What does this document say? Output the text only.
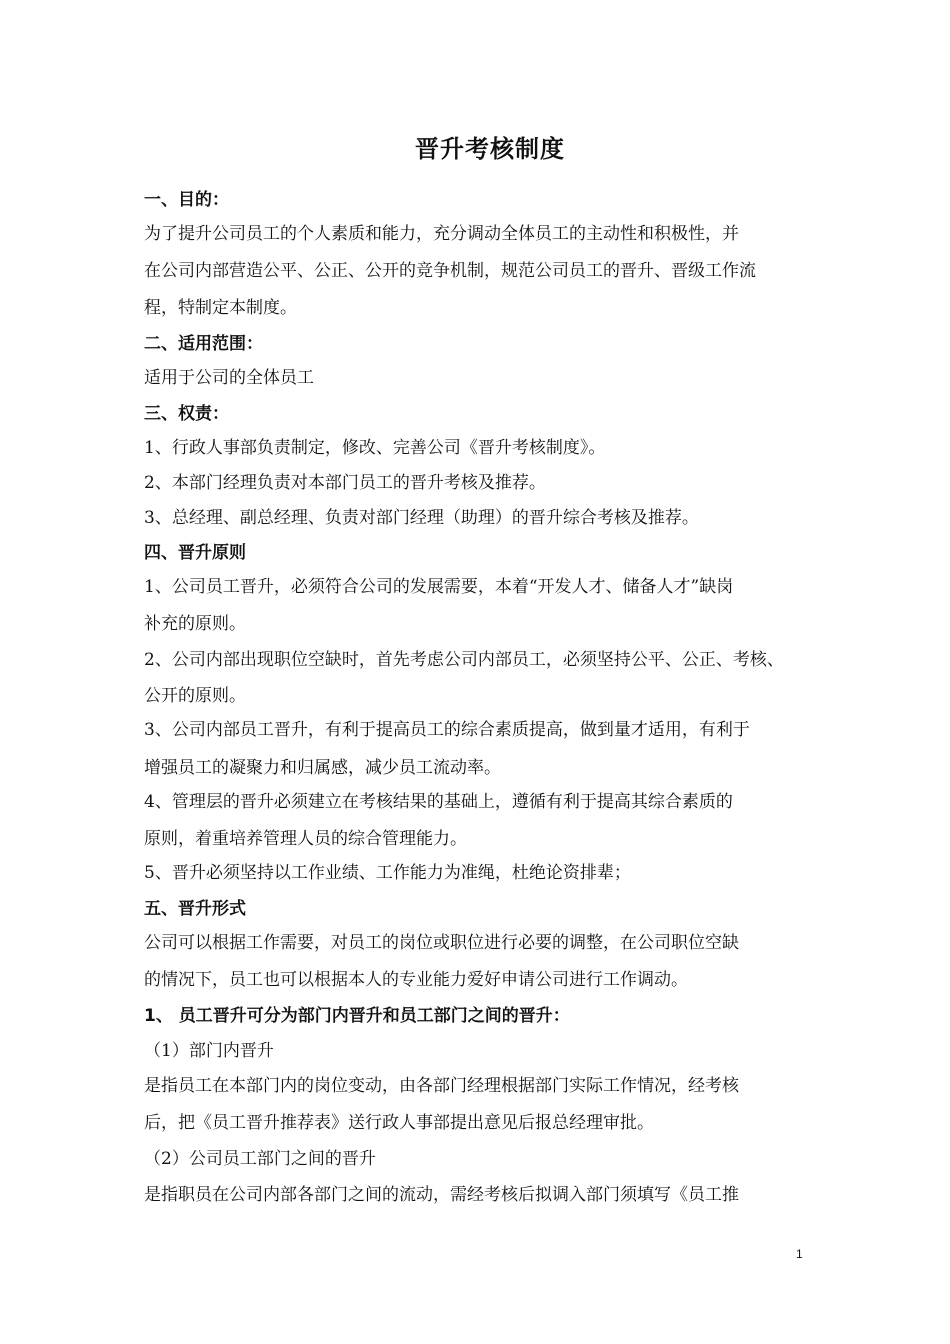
晋升考核制度
一、目的：
为了提升公司员工的个人素质和能力，充分调动全体员工的主动性和积极性，并
在公司内部营造公平、公正、公开的竞争机制，规范公司员工的晋升、晋级工作流
程，特制定本制度。
二、适用范围：
适用于公司的全体员工
三、权责：
1、行政人事部负责制定，修改、完善公司《晋升考核制度》。
2、本部门经理负责对本部门员工的晋升考核及推荐。
3、总经理、副总经理、负责对部门经理（助理）的晋升综合考核及推荐。
四、晋升原则
1、公司员工晋升，必须符合公司的发展需要，本着“开发人才、储备人才”缺岗
补充的原则。
2、公司内部出现职位空缺时，首先考虑公司内部员工，必须坚持公平、公正、考核、
公开的原则。
3、公司内部员工晋升，有利于提高员工的综合素质提高，做到量才适用，有利于
增强员工的凝聚力和归属感，减少员工流动率。
4、管理层的晋升必须建立在考核结果的基础上，遵循有利于提高其综合素质的
原则，着重培养管理人员的综合管理能力。
5、晋升必须坚持以工作业绩、工作能力为准绳，杜绝论资排辈；
五、晋升形式
公司可以根据工作需要，对员工的岗位或职位进行必要的调整，在公司职位空缺
的情况下，员工也可以根据本人的专业能力爱好申请公司进行工作调动。
1、 员工晋升可分为部门内晋升和员工部门之间的晋升：
（1）部门内晋升
是指员工在本部门内的岗位变动，由各部门经理根据部门实际工作情况，经考核
后，把《员工晋升推荐表》送行政人事部提出意见后报总经理审批。
（2）公司员工部门之间的晋升
是指职员在公司内部各部门之间的流动，需经考核后拟调入部门须填写《员工推
1
